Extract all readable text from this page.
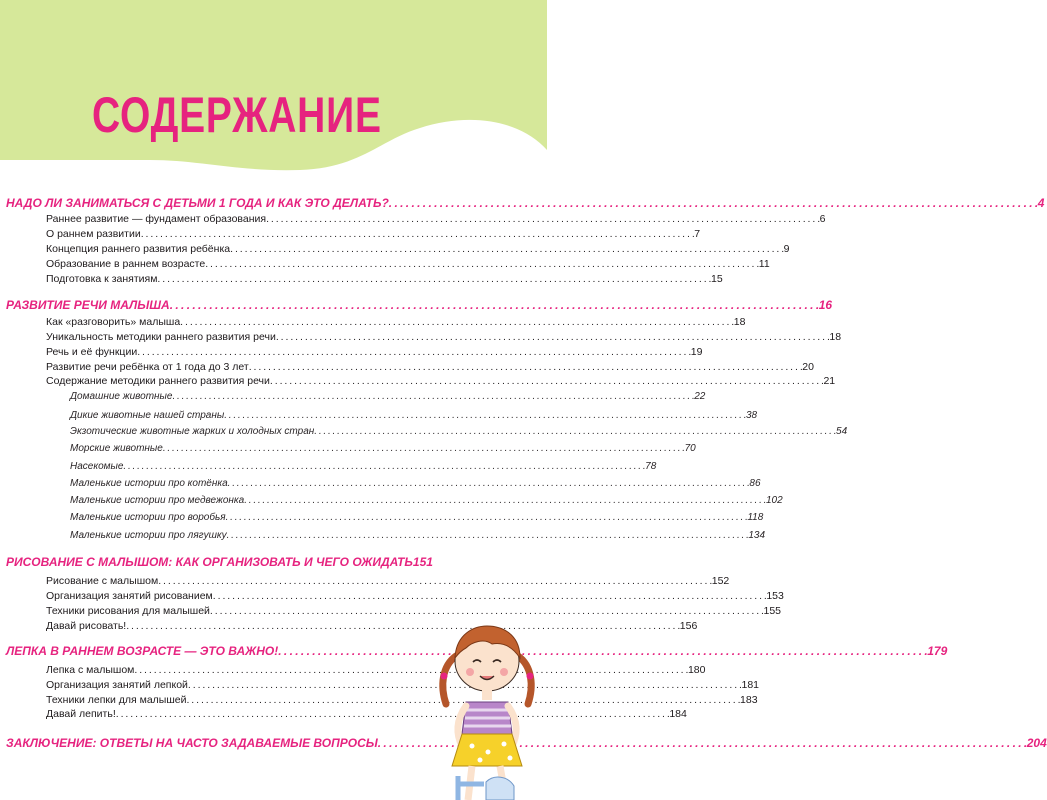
СОДЕРЖАНИЕ
НАДО ЛИ ЗАНИМАТЬСЯ С ДЕТЬМИ 1 ГОДА И КАК ЭТО ДЕЛАТЬ? . . .	4
Раннее развитие — фундамент образования . . .	6
О раннем развитии . . .	7
Концепция раннего развития ребёнка . . .	9
Образование в раннем возрасте . . .	11
Подготовка к занятиям . . .	15
РАЗВИТИЕ РЕЧИ МАЛЫША . . .	16
Как «разговорить» малыша . . .	18
Уникальность методики раннего развития речи . . .	18
Речь и её функции . . .	19
Развитие речи ребёнка от 1 года до 3 лет . . .	20
Содержание методики раннего развития речи . . .	21
Домашние животные . . .	22
Дикие животные нашей страны . . .	38
Экзотические животные жарких и холодных стран . . .	54
Морские животные . . .	70
Насекомые . . .	78
Маленькие истории про котёнка . . .	86
Маленькие истории про медвежонка . . .	102
Маленькие истории про воробья . . .	118
Маленькие истории про лягушку . . .	134
РИСОВАНИЕ С МАЛЫШОМ: КАК ОРГАНИЗОВАТЬ И ЧЕГО ОЖИДАТЬ 151
Рисование с малышом . . .	152
Организация занятий рисованием . . .	153
Техники рисования для малышей . . .	155
Давай рисовать! . . .	156
ЛЕПКА В РАННЕМ ВОЗРАСТЕ — ЭТО ВАЖНО! . . .	179
Лепка с малышом . . .	180
Организация занятий лепкой . . .	181
Техники лепки для малышей . . .	183
Давай лепить! . . .	184
ЗАКЛЮЧЕНИЕ: ОТВЕТЫ НА ЧАСТО ЗАДАВАЕМЫЕ ВОПРОСЫ . . .	204
